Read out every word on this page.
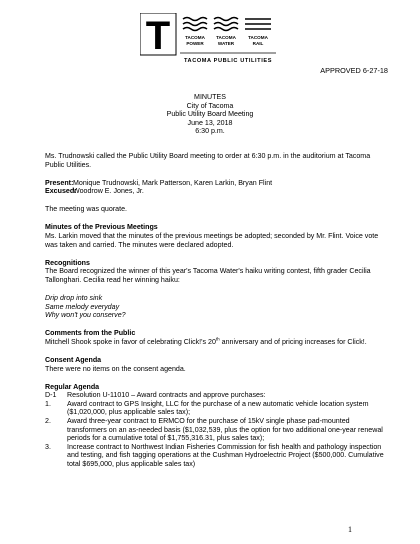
T	TACOMA
POWER
TACOMA
WATER
TACOMA
RAIL
TACOMA PUBLIC UTILITIES
APPROVED 6-27-18
MINUTES
City of Tacoma
Public Utility Board Meeting
June 13, 2018
6:30 p.m.

Ms. Trudnowski called the Public Utility Board meeting to order at 6:30 p.m. in the auditorium at Tacoma Public Utilities.

Present:Monique Trudnowski, Mark Patterson, Karen Larkin, Bryan Flint

Excused:Woodrow E. Jones, Jr.

The meeting was quorate.

Minutes of the Previous Meetings

Ms. Larkin moved that the minutes of the previous meetings be adopted; seconded by Mr. Flint. Voice vote was taken and carried. The minutes were declared adopted.

Recognitions

The Board recognized the winner of this year's Tacoma Water's haiku writing contest, fifth grader Cecilia Tallonghari. Cecilia read her winning haiku:

Drip drop into sink

Same melody everyday

Why won't you conserve?

Comments from the Public

Mitchell Shook spoke in favor of celebrating Click!'s 20th anniversary and of pricing increases for Click!.

Consent Agenda

There were no items on the consent agenda.

Regular Agenda

D-1	Resolution U-11010 – Award contracts and approve purchases:
1.	Award contract to GPS Insight, LLC for the purchase of a new automatic vehicle location system ($1,020,000, plus applicable sales tax);
2.	Award three-year contract to ERMCO for the purchase of 15kV single phase pad-mounted transformers on an as-needed basis ($1,032,539, plus the option for two additional one-year renewal periods for a cumulative total of $1,755,316.31, plus sales tax);
3.	Increase contract to Northwest Indian Fisheries Commission for fish health and pathology inspection and testing, and fish tagging operations at the Cushman Hydroelectric Project ($500,000. Cumulative total $695,000, plus applicable sales tax)
1
